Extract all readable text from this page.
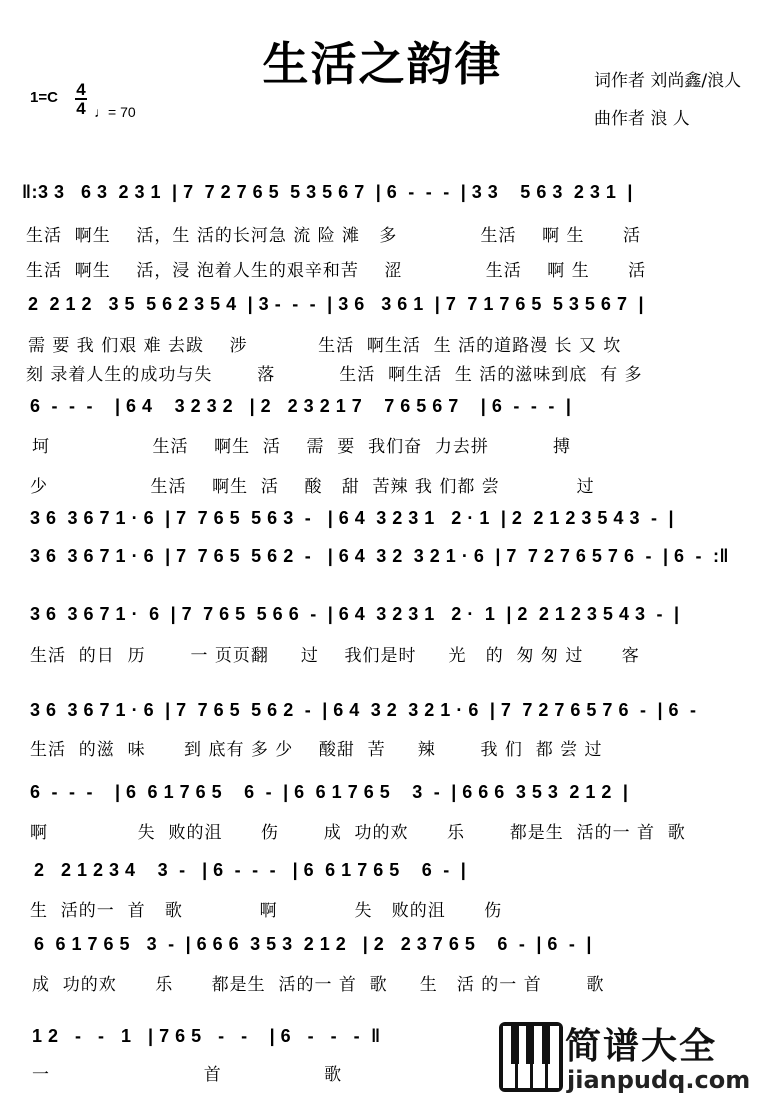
生活之韵律
1=C 4
4 ♩= 70
词作者 刘尚鑫/浪人
曲作者 浪 人
‖:3 3   6 3  2 3 1  | 7  7 2 7 6 5  5 3 5 6 7  | 6  -  -  -  | 3 3    5 6 3  2 3 1  |
生活  啊生    活，生 活的长河急 流 险 滩   多             生活    啊 生      活
生活  啊生    活，浸 泡着人生的艰辛和苦    涩             生活    啊 生      活
2  2 1 2   3 5  5 6 2 3 5 4  | 3 -  -  -  | 3 6   3 6 1  | 7  7 1 7 6 5  5 3 5 6 7  |
需 要 我 们艰 难 去跋    涉           生活  啊生活  生 活的道路漫 长 又 坎
刻 录着人生的成功与失       落          生活  啊生活  生 活的滋味到底  有 多
6  -  -  -    | 6 4    3 2 3 2   | 2   2 3 2 1 7    7 6 5 6 7    | 6  -  -  -  |
坷                生活    啊生  活    需  要  我们奋  力去拼          搏
少                生活    啊生  活    酸   甜  苦辣 我 们都 尝            过
3 6  3 6 7 1 · 6  | 7  7 6 5  5 6 3  -   | 6 4  3 2 3 1   2 · 1  | 2  2 1 2 3 5 4 3  -  |
3 6  3 6 7 1 · 6  | 7  7 6 5  5 6 2  -   | 6 4  3 2  3 2 1 · 6  | 7  7 2 7 6 5 7 6  -  | 6  -  :‖
3 6  3 6 7 1 ·  6  | 7  7 6 5  5 6 6  -  | 6 4  3 2 3 1   2 ·  1  | 2  2 1 2 3 5 4 3  -  |
生活  的日  历       一 页页翻     过    我们是时     光   的  匆 匆 过      客
3 6  3 6 7 1 · 6  | 7  7 6 5  5 6 2  -  | 6 4  3 2  3 2 1 · 6  | 7  7 2 7 6 5 7 6  -  | 6  -
生活  的滋  味      到 底有 多 少    酸甜  苦     辣       我 们  都 尝 过
6  -  -  -    | 6  6 1 7 6 5    6  -  | 6  6 1 7 6 5    3  -  | 6 6 6  3 5 3  2 1 2  |
啊              失  败的沮      伤       成  功的欢      乐       都是生  活的一 首  歌
2   2 1 2 3 4    3  -   | 6  -  -  -   | 6  6 1 7 6 5    6  -  |
生  活的一  首   歌            啊            失   败的沮      伤
6  6 1 7 6 5   3  -  | 6 6 6  3 5 3  2 1 2   | 2   2 3 7 6 5    6  -  | 6  -  |
成  功的欢      乐      都是生  活的一 首  歌     生   活 的一 首       歌
1 2   -   -   1   | 7 6 5   -   -    | 6   -   -   -  ‖
一                        首                歌
简谱大全
jianpudq.com
